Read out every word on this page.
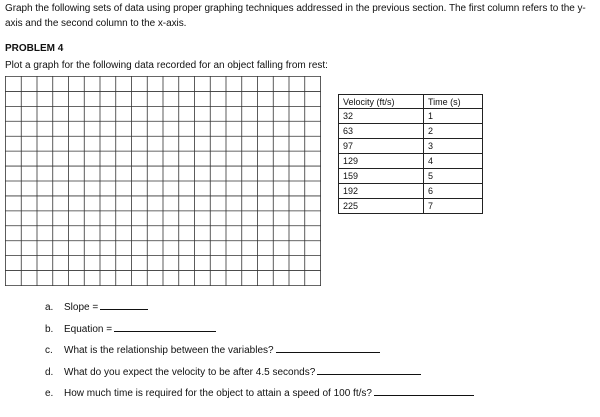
Graph the following sets of data using proper graphing techniques addressed in the previous section. The first column refers to the y-axis and the second column to the x-axis.
PROBLEM 4
Plot a graph for the following data recorded for an object falling from rest:
Velocity (ft/s)	Time (s)
32	1
63	2
97	3
129	4
159	5
192	6
225	7
a. Slope =
b. Equation =
c. What is the relationship between the variables?
d. What do you expect the velocity to be after 4.5 seconds?
e. How much time is required for the object to attain a speed of 100 ft/s?
